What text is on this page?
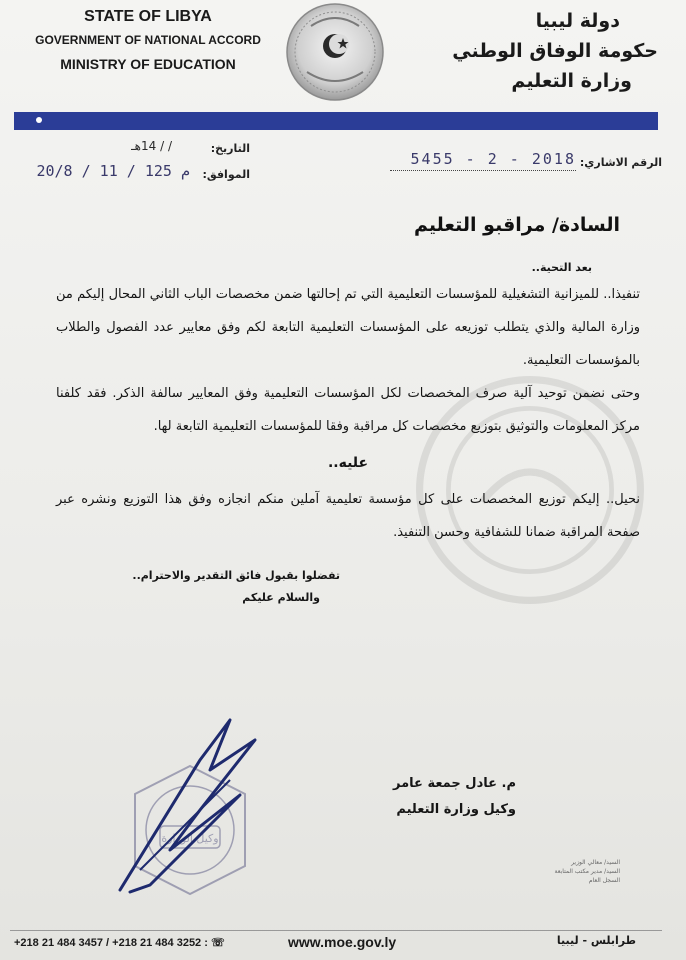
STATE OF LIBYA
GOVERNMENT OF NATIONAL ACCORD
MINISTRY OF EDUCATION
دولة ليبيا
حكومة الوفاق الوطني
وزارة التعليم
التاريخ:
/ / 14هـ
الموافق:
20/8 / 11 / 125 م	الرقم الاشاري:
2018 - 2 - 5455
السادة/ مراقبو التعليم
بعد التحية..

تنفيذا.. للميزانية التشغيلية للمؤسسات التعليمية التي تم إحالتها ضمن مخصصات الباب الثاني المحال إليكم من وزارة المالية والذي يتطلب توزيعه على المؤسسات التعليمية التابعة لكم وفق معايير عدد الفصول والطلاب بالمؤسسات التعليمية.

وحتى نضمن توحيد آلية صرف المخصصات لكل المؤسسات التعليمية وفق المعايير سالفة الذكر. فقد كلفنا مركز المعلومات والتوثيق بتوزيع مخصصات كل مراقبة وفقا للمؤسسات التعليمية التابعة لها.

عليه..

نحيل.. إليكم توزيع المخصصات على كل مؤسسة تعليمية آملين منكم انجازه وفق هذا التوزيع ونشره عبر صفحة المراقبة ضمانا للشفافية وحسن التنفيذ.

تفضلوا بقبول فائق التقدير والاحترام..
والسلام عليكم
م. عادل جمعة عامر
وكيل وزارة التعليم
وكيل الوزارة
السيد/ معالي الوزير
السيد/ مدير مكتب المتابعة
السجل العام
+218 21 484 3457 / +218 21 484 3252 : ☏	www.moe.gov.ly	طرابلس - ليبيا
